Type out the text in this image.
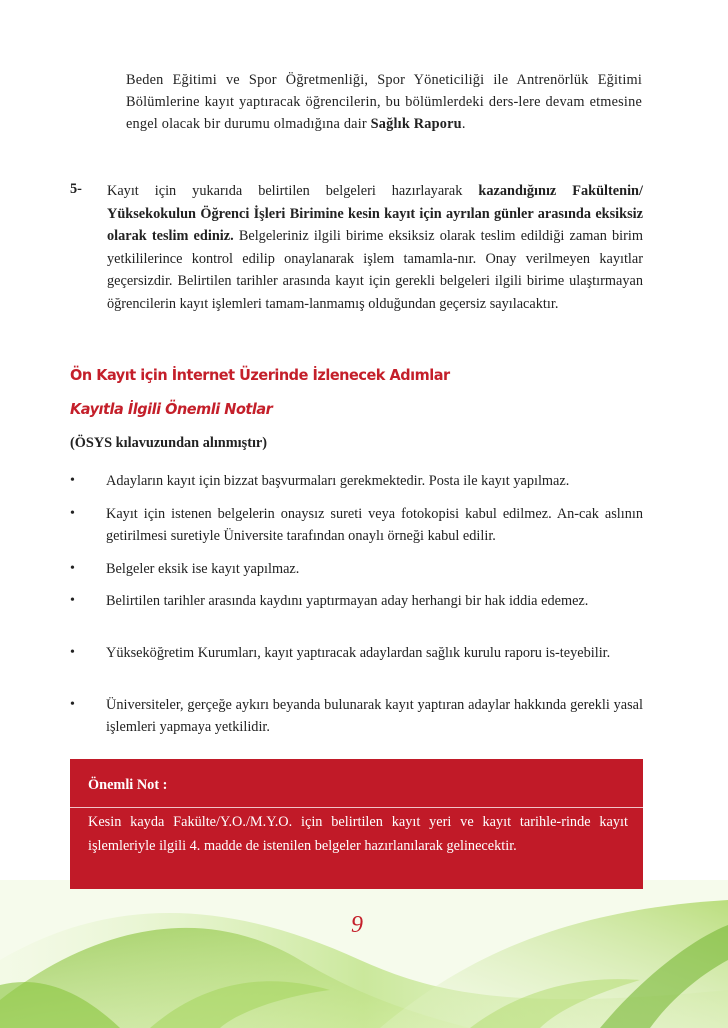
Beden Eğitimi ve Spor Öğretmenliği, Spor Yöneticiliği ile Antrenörlük Eğitimi Bölümlerine kayıt yaptıracak öğrencilerin, bu bölümlerdeki ders-lere devam etmesine engel olacak bir durumu olmadığına dair Sağlık Raporu.
5- Kayıt için yukarıda belirtilen belgeleri hazırlayarak kazandığınız Fakültenin/ Yüksekokulun Öğrenci İşleri Birimine kesin kayıt için ayrılan günler arasında eksiksiz olarak teslim ediniz. Belgeleriniz ilgili birime eksiksiz olarak teslim edildiği zaman birim yetkililerince kontrol edilip onaylanarak işlem tamamla-nır. Onay verilmeyen kayıtlar geçersizdir. Belirtilen tarihler arasında kayıt için gerekli belgeleri ilgili birime ulaştırmayan öğrencilerin kayıt işlemleri tamam-lanmamış olduğundan geçersiz sayılacaktır.
Ön Kayıt için İnternet Üzerinde İzlenecek Adımlar
Kayıtla İlgili Önemli Notlar
(ÖSYS kılavuzundan alınmıştır)
• Adayların kayıt için bizzat başvurmaları gerekmektedir. Posta ile kayıt yapılmaz.

• Kayıt için istenen belgelerin onaysız sureti veya fotokopisi kabul edilmez. An-cak aslının getirilmesi suretiyle Üniversite tarafından onaylı örneği kabul edilir.

• Belgeler eksik ise kayıt yapılmaz.

• Belirtilen tarihler arasında kaydını yaptırmayan aday herhangi bir hak iddia edemez.

• Yükseköğretim Kurumları, kayıt yaptıracak adaylardan sağlık kurulu raporu is-teyebilir.

• Üniversiteler, gerçeğe aykırı beyanda bulunarak kayıt yaptıran adaylar hakkında gerekli yasal işlemleri yapmaya yetkilidir.

Önemli Not :
Kesin kayda Fakülte/Y.O./M.Y.O. için belirtilen kayıt yeri ve kayıt tarihle-rinde kayıt işlemleriyle ilgili 4. madde de istenilen belgeler hazırlanılarak gelinecektir.
9
